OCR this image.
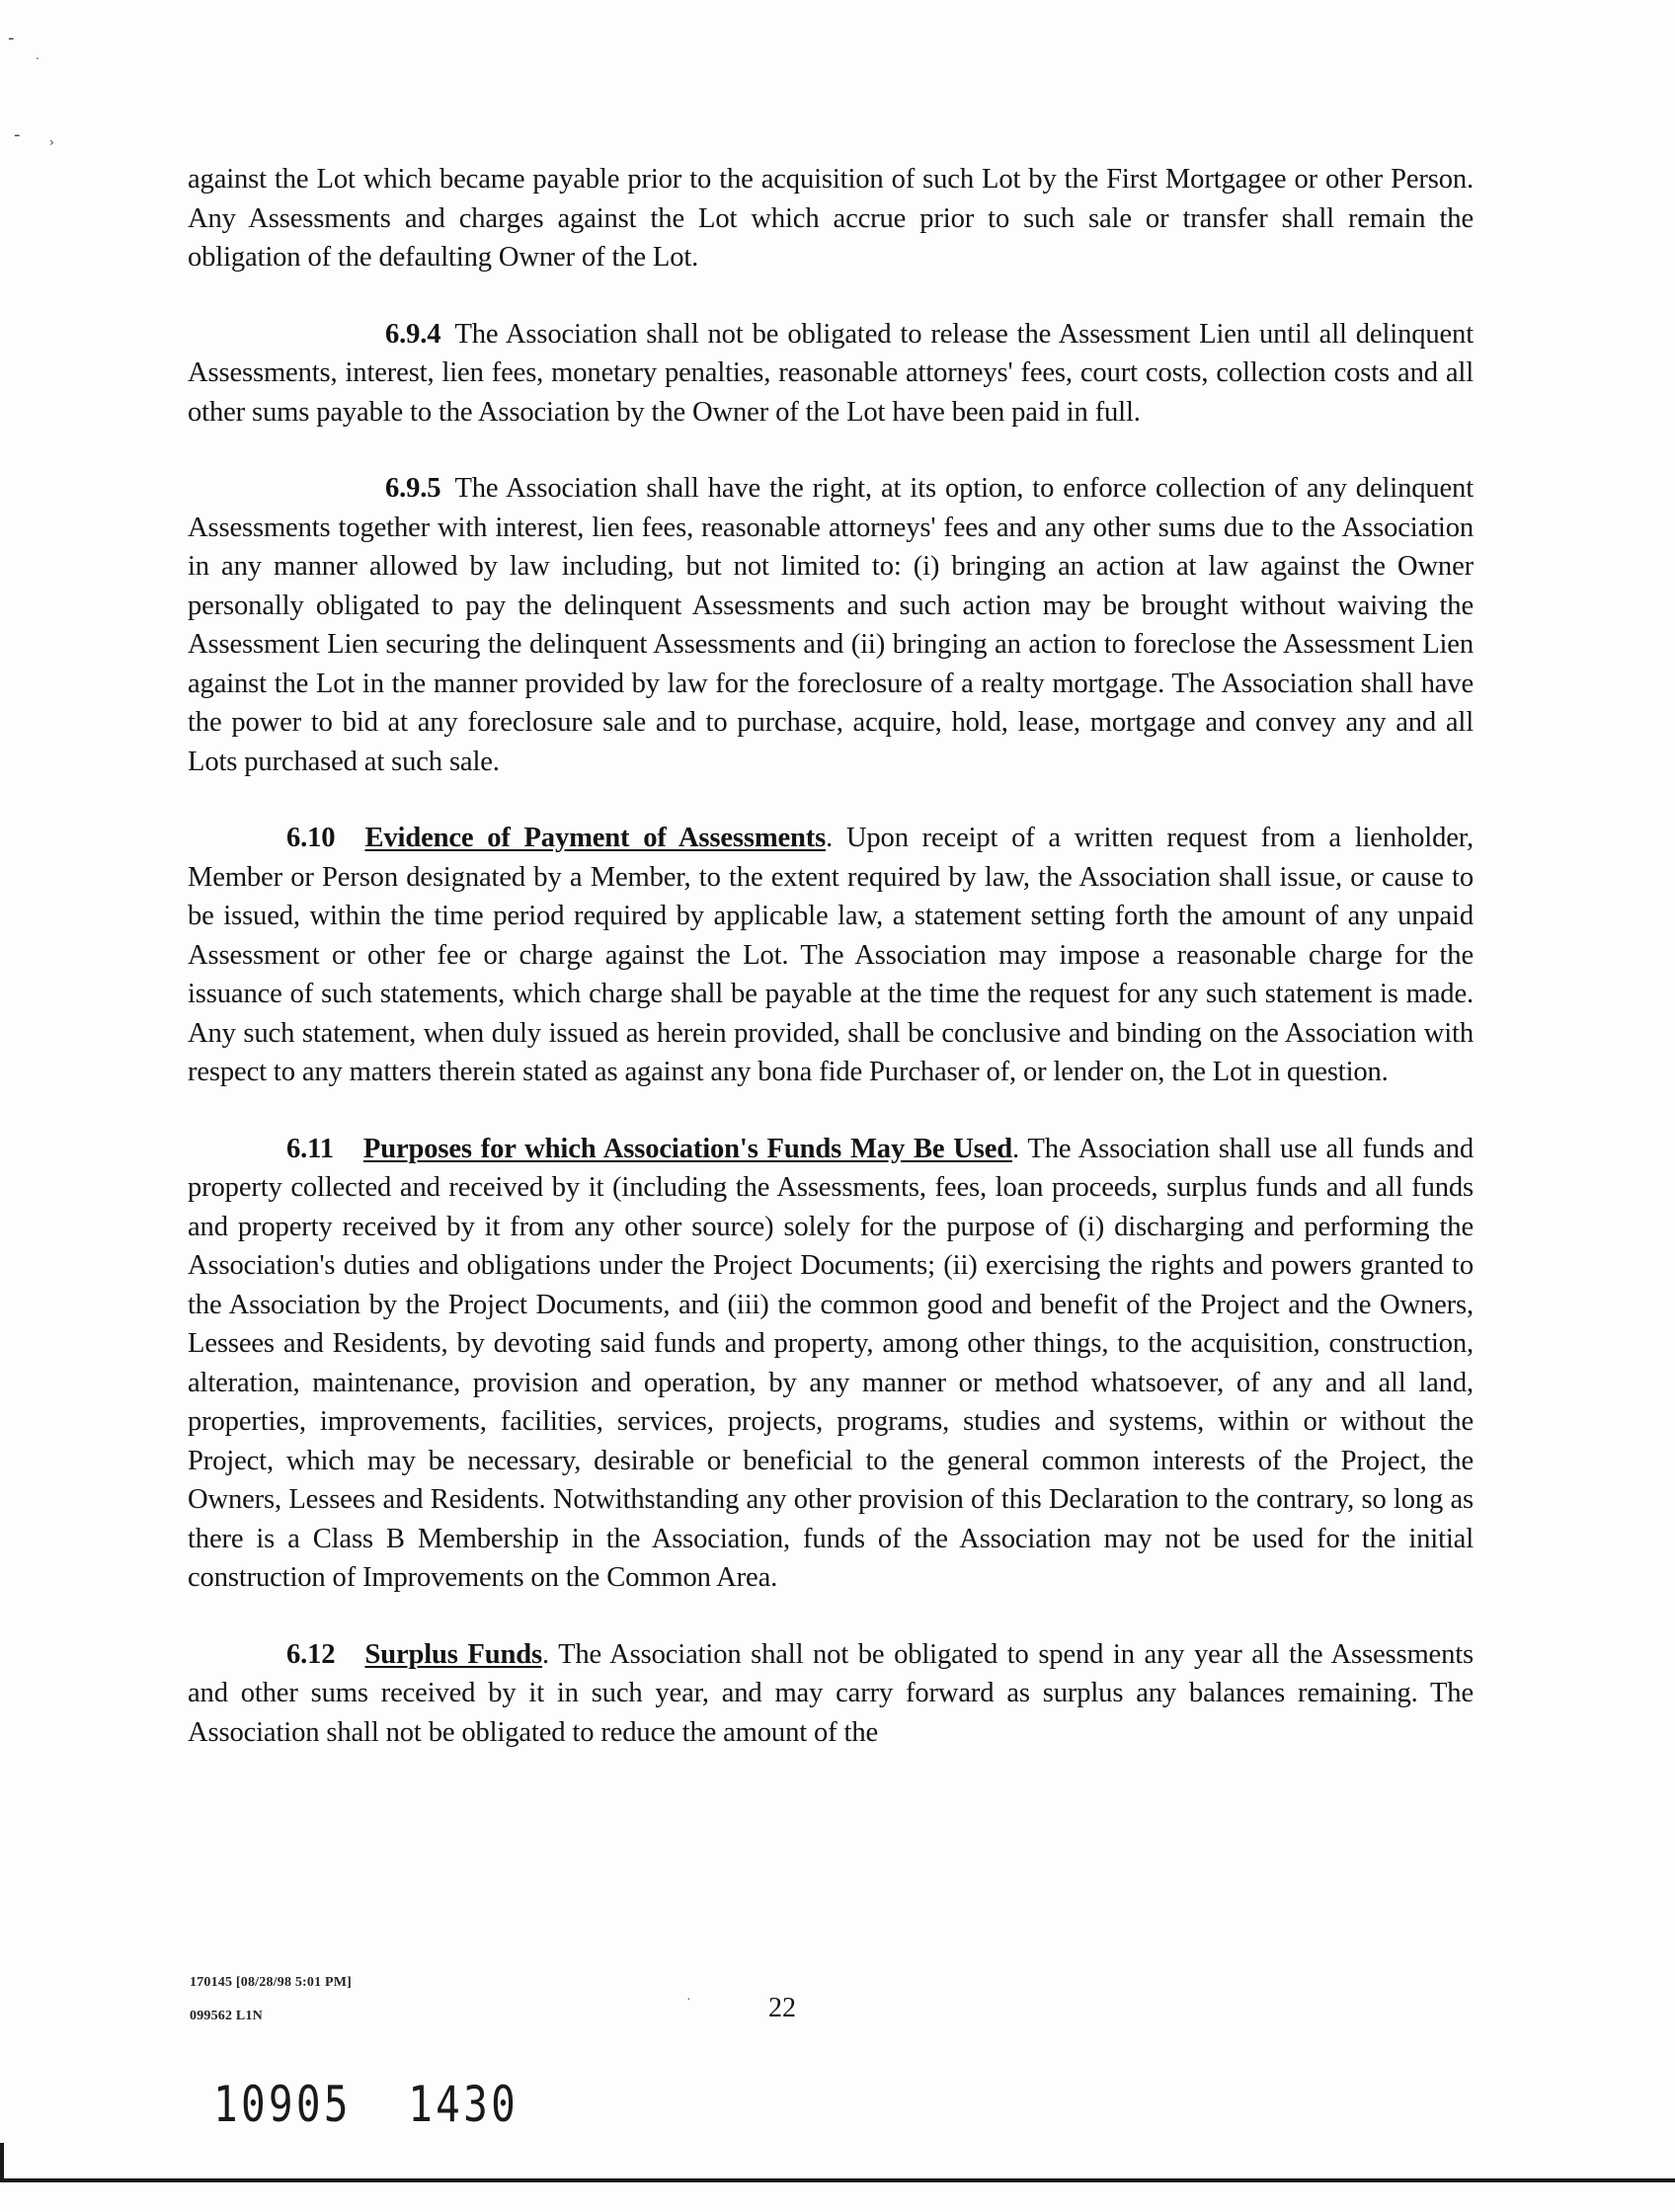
-
.
- ›

against the Lot which became payable prior to the acquisition of such Lot by the First Mortgagee or other Person. Any Assessments and charges against the Lot which accrue prior to such sale or transfer shall remain the obligation of the defaulting Owner of the Lot.

6.9.4 The Association shall not be obligated to release the Assessment Lien until all delinquent Assessments, interest, lien fees, monetary penalties, reasonable attorneys' fees, court costs, collection costs and all other sums payable to the Association by the Owner of the Lot have been paid in full.

6.9.5 The Association shall have the right, at its option, to enforce collection of any delinquent Assessments together with interest, lien fees, reasonable attorneys' fees and any other sums due to the Association in any manner allowed by law including, but not limited to: (i) bringing an action at law against the Owner personally obligated to pay the delinquent Assessments and such action may be brought without waiving the Assessment Lien securing the delinquent Assessments and (ii) bringing an action to foreclose the Assessment Lien against the Lot in the manner provided by law for the foreclosure of a realty mortgage. The Association shall have the power to bid at any foreclosure sale and to purchase, acquire, hold, lease, mortgage and convey any and all Lots purchased at such sale.

6.10 Evidence of Payment of Assessments. Upon receipt of a written request from a lienholder, Member or Person designated by a Member, to the extent required by law, the Association shall issue, or cause to be issued, within the time period required by applicable law, a statement setting forth the amount of any unpaid Assessment or other fee or charge against the Lot. The Association may impose a reasonable charge for the issuance of such statements, which charge shall be payable at the time the request for any such statement is made. Any such statement, when duly issued as herein provided, shall be conclusive and binding on the Association with respect to any matters therein stated as against any bona fide Purchaser of, or lender on, the Lot in question.

6.11 Purposes for which Association's Funds May Be Used. The Association shall use all funds and property collected and received by it (including the Assessments, fees, loan proceeds, surplus funds and all funds and property received by it from any other source) solely for the purpose of (i) discharging and performing the Association's duties and obligations under the Project Documents; (ii) exercising the rights and powers granted to the Association by the Project Documents, and (iii) the common good and benefit of the Project and the Owners, Lessees and Residents, by devoting said funds and property, among other things, to the acquisition, construction, alteration, maintenance, provision and operation, by any manner or method whatsoever, of any and all land, properties, improvements, facilities, services, projects, programs, studies and systems, within or without the Project, which may be necessary, desirable or beneficial to the general common interests of the Project, the Owners, Lessees and Residents. Notwithstanding any other provision of this Declaration to the contrary, so long as there is a Class B Membership in the Association, funds of the Association may not be used for the initial construction of Improvements on the Common Area.

6.12 Surplus Funds. The Association shall not be obligated to spend in any year all the Assessments and other sums received by it in such year, and may carry forward as surplus any balances remaining. The Association shall not be obligated to reduce the amount of the

170145 [08/28/98 5:01 PM]
099562 L1N
·	22
10905 1430
